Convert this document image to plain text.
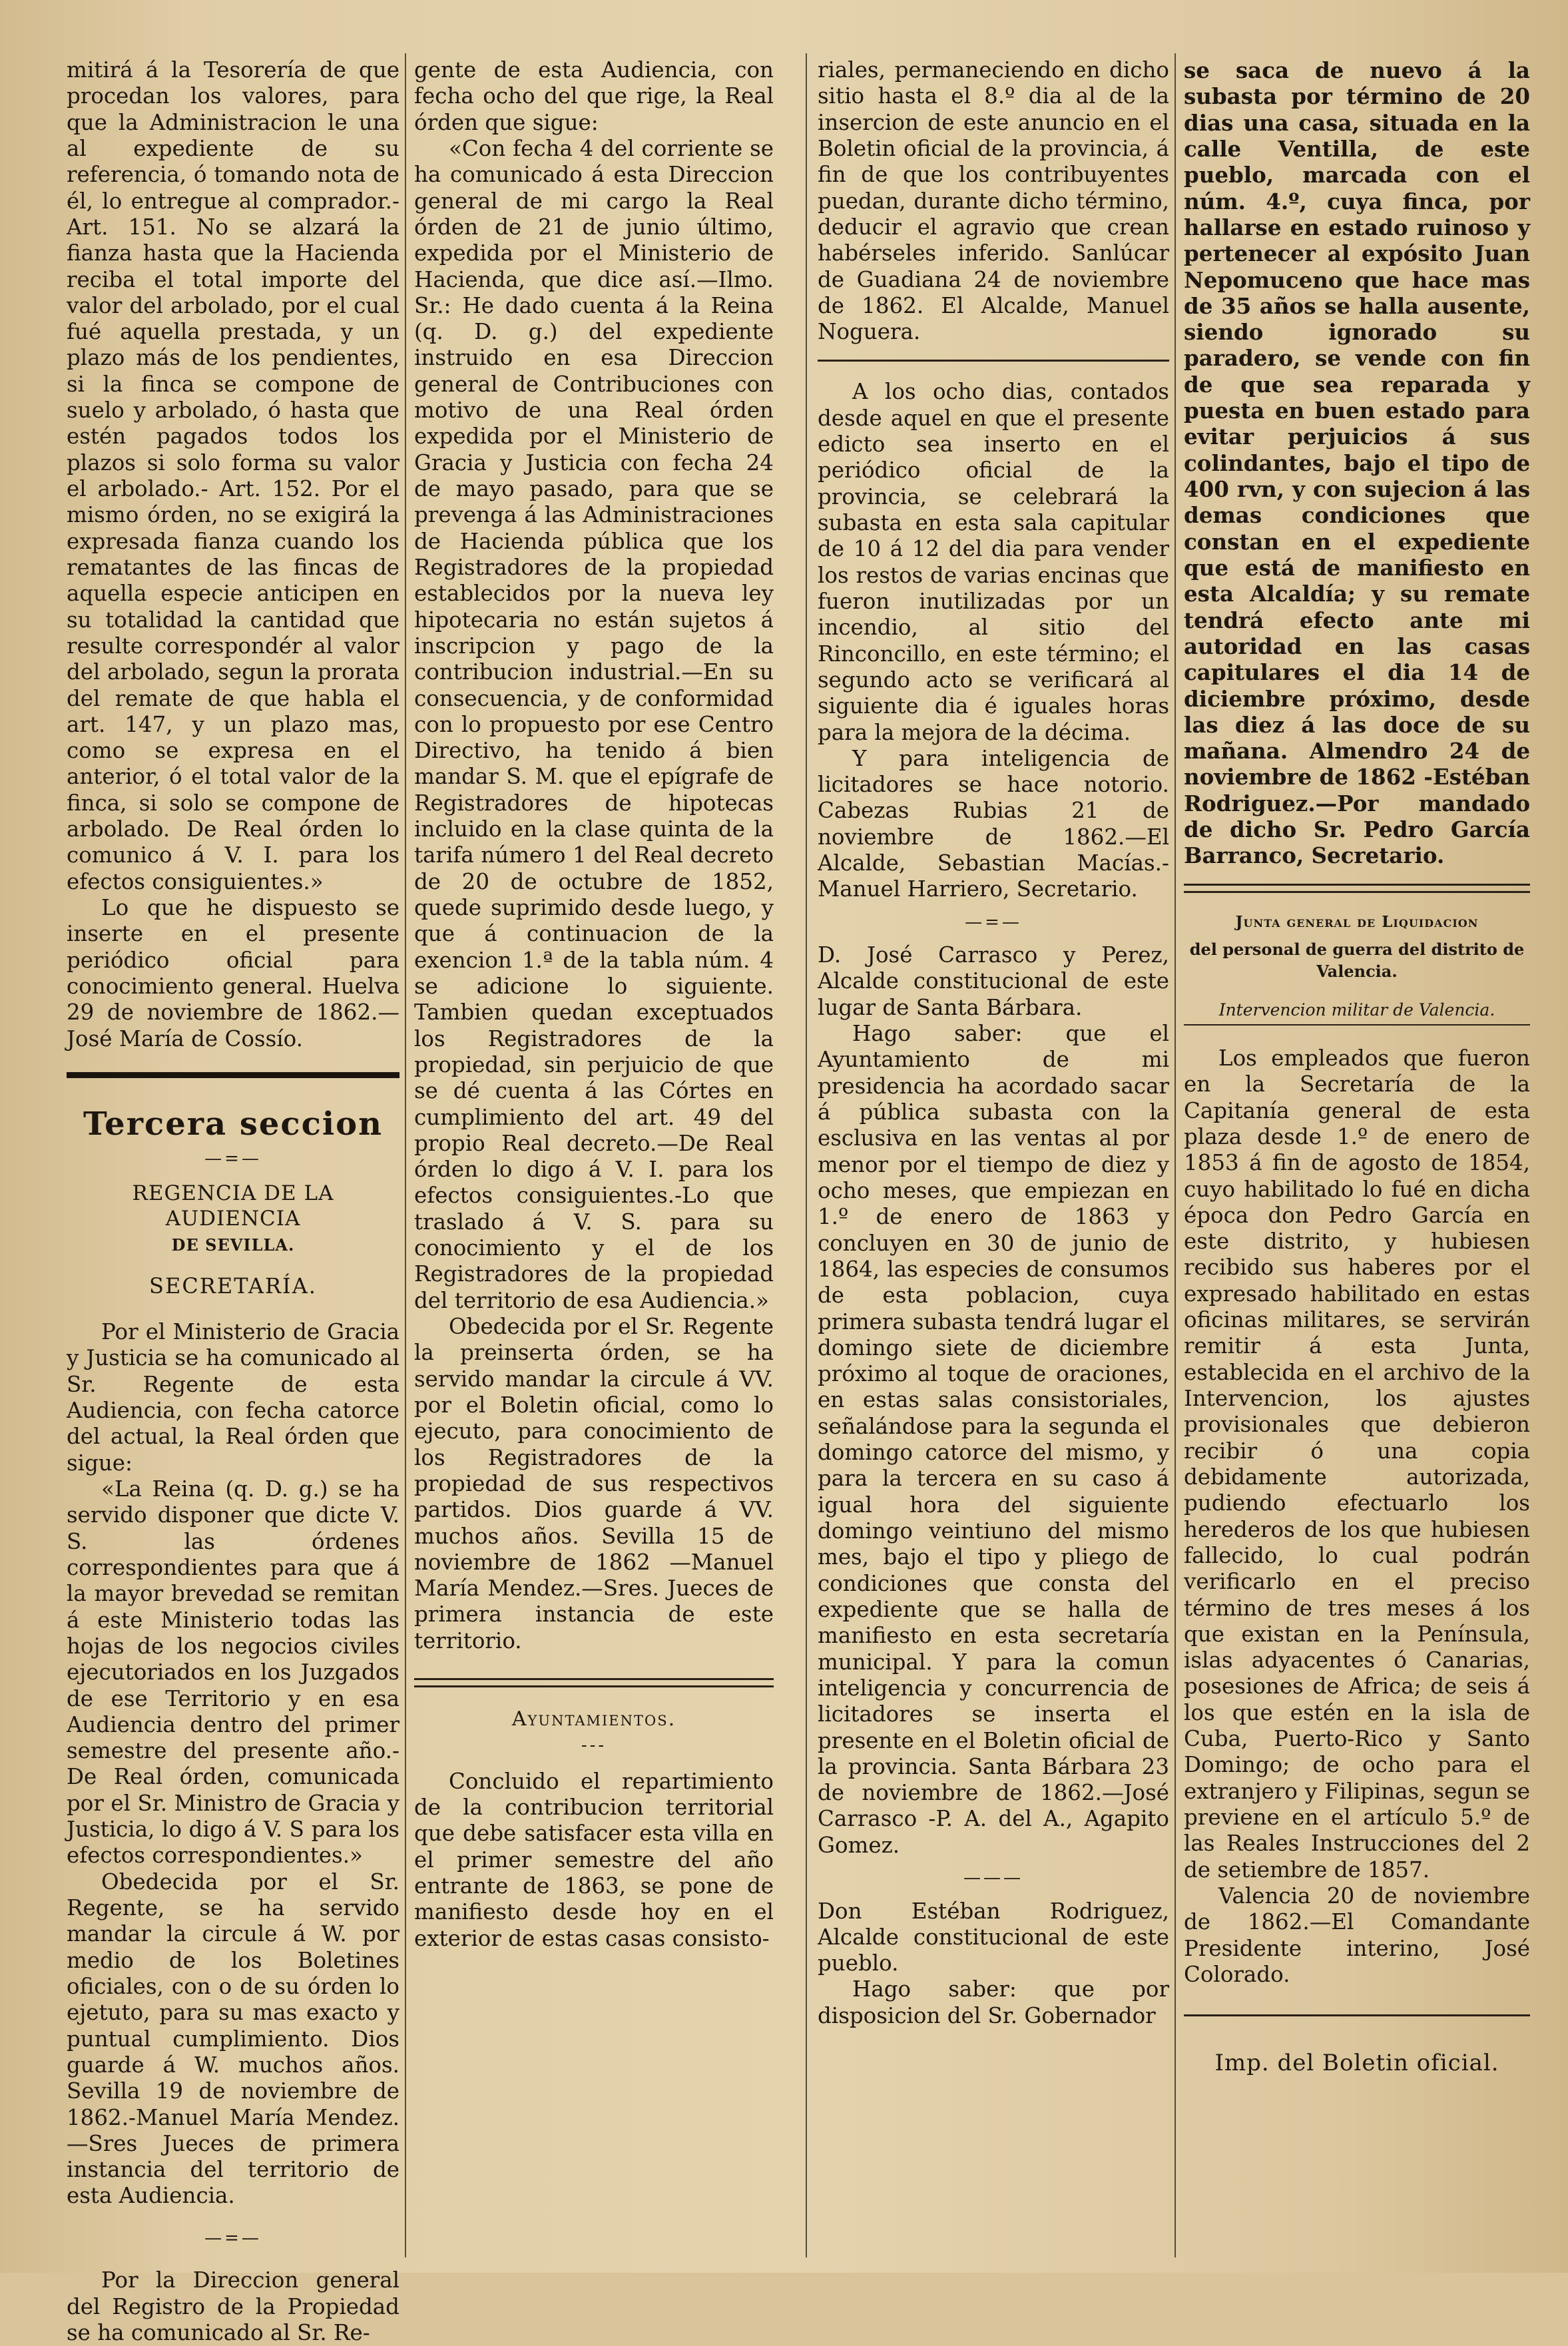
mitirá á la Tesorería de que procedan los valores, para que la Administracion le una al expediente de su referencia, ó tomando nota de él, lo entregue al comprador.-Art. 151. No se alzará la fianza hasta que la Hacienda reciba el total importe del valor del arbolado, por el cual fué aquella prestada, y un plazo más de los pendientes, si la finca se compone de suelo y arbolado, ó hasta que estén pagados todos los plazos si solo forma su valor el arbolado.- Art. 152. Por el mismo órden, no se exigirá la expresada fianza cuando los rematantes de las fincas de aquella especie anticipen en su totalidad la cantidad que resulte correspondér al valor del arbolado, segun la prorata del remate de que habla el art. 147, y un plazo mas, como se expresa en el anterior, ó el total valor de la finca, si solo se compone de arbolado. De Real órden lo comunico á V. I. para los efectos consiguientes.»

Lo que he dispuesto se inserte en el presente periódico oficial para conocimiento general. Huelva 29 de noviembre de 1862.—José María de Cossío.

Tercera seccion
—=—
REGENCIA DE LA AUDIENCIA
DE SEVILLA.
SECRETARÍA.

Por el Ministerio de Gracia y Justicia se ha comunicado al Sr. Regente de esta Audiencia, con fecha catorce del actual, la Real órden que sigue:

«La Reina (q. D. g.) se ha servido disponer que dicte V. S. las órdenes correspondientes para que á la mayor brevedad se remitan á este Ministerio todas las hojas de los negocios civiles ejecutoriados en los Juzgados de ese Territorio y en esa Audiencia dentro del primer semestre del presente año.-De Real órden, comunicada por el Sr. Ministro de Gracia y Justicia, lo digo á V. S para los efectos correspondientes.»

Obedecida por el Sr. Regente, se ha servido mandar la circule á W. por medio de los Boletines oficiales, con o de su órden lo ejetuto, para su mas exacto y puntual cumplimiento. Dios guarde á W. muchos años. Sevilla 19 de noviembre de 1862.-Manuel María Mendez.—Sres Jueces de primera instancia del territorio de esta Audiencia.

—=—

Por la Direccion general del Registro de la Propiedad se ha comunicado al Sr. Re-

gente de esta Audiencia, con fecha ocho del que rige, la Real órden que sigue:

«Con fecha 4 del corriente se ha comunicado á esta Direccion general de mi cargo la Real órden de 21 de junio último, expedida por el Ministerio de Hacienda, que dice así.—Ilmo. Sr.: He dado cuenta á la Reina (q. D. g.) del expediente instruido en esa Direccion general de Contribuciones con motivo de una Real órden expedida por el Ministerio de Gracia y Justicia con fecha 24 de mayo pasado, para que se prevenga á las Administraciones de Hacienda pública que los Registradores de la propiedad establecidos por la nueva ley hipotecaria no están sujetos á inscripcion y pago de la contribucion industrial.—En su consecuencia, y de conformidad con lo propuesto por ese Centro Directivo, ha tenido á bien mandar S. M. que el epígrafe de Registradores de hipotecas incluido en la clase quinta de la tarifa número 1 del Real decreto de 20 de octubre de 1852, quede suprimido desde luego, y que á continuacion de la exencion 1.ª de la tabla núm. 4 se adicione lo siguiente. Tambien quedan exceptuados los Registradores de la propiedad, sin perjuicio de que se dé cuenta á las Córtes en cumplimiento del art. 49 del propio Real decreto.—De Real órden lo digo á V. I. para los efectos consiguientes.-Lo que traslado á V. S. para su conocimiento y el de los Registradores de la propiedad del territorio de esa Audiencia.»

Obedecida por el Sr. Regente la preinserta órden, se ha servido mandar la circule á VV. por el Boletin oficial, como lo ejecuto, para conocimiento de los Registradores de la propiedad de sus respectivos partidos. Dios guarde á VV. muchos años. Sevilla 15 de noviembre de 1862 —Manuel María Mendez.—Sres. Jueces de primera instancia de este territorio.

Ayuntamientos.
---

Concluido el repartimiento de la contribucion territorial que debe satisfacer esta villa en el primer semestre del año entrante de 1863, se pone de manifiesto desde hoy en el exterior de estas casas consisto-

riales, permaneciendo en dicho sitio hasta el 8.º dia al de la insercion de este anuncio en el Boletin oficial de la provincia, á fin de que los contribuyentes puedan, durante dicho término, deducir el agravio que crean habérseles inferido. Sanlúcar de Guadiana 24 de noviembre de 1862. El Alcalde, Manuel Noguera.

A los ocho dias, contados desde aquel en que el presente edicto sea inserto en el periódico oficial de la provincia, se celebrará la subasta en esta sala capitular de 10 á 12 del dia para vender los restos de varias encinas que fueron inutilizadas por un incendio, al sitio del Rinconcillo, en este término; el segundo acto se verificará al siguiente dia é iguales horas para la mejora de la décima.

Y para inteligencia de licitadores se hace notorio. Cabezas Rubias 21 de noviembre de 1862.—El Alcalde, Sebastian Macías.-Manuel Harriero, Secretario.

—=—

D. José Carrasco y Perez, Alcalde constitucional de este lugar de Santa Bárbara.

Hago saber: que el Ayuntamiento de mi presidencia ha acordado sacar á pública subasta con la esclusiva en las ventas al por menor por el tiempo de diez y ocho meses, que empiezan en 1.º de enero de 1863 y concluyen en 30 de junio de 1864, las especies de consumos de esta poblacion, cuya primera subasta tendrá lugar el domingo siete de diciembre próximo al toque de oraciones, en estas salas consistoriales, señalándose para la segunda el domingo catorce del mismo, y para la tercera en su caso á igual hora del siguiente domingo veintiuno del mismo mes, bajo el tipo y pliego de condiciones que consta del expediente que se halla de manifiesto en esta secretaría municipal. Y para la comun inteligencia y concurrencia de licitadores se inserta el presente en el Boletin oficial de la provincia. Santa Bárbara 23 de noviembre de 1862.—José Carrasco -P. A. del A., Agapito Gomez.

———

Don Estéban Rodriguez, Alcalde constitucional de este pueblo.

Hago saber: que por disposicion del Sr. Gobernador

se saca de nuevo á la subasta por término de 20 dias una casa, situada en la calle Ventilla, de este pueblo, marcada con el núm. 4.º, cuya finca, por hallarse en estado ruinoso y pertenecer al expósito Juan Nepomuceno que hace mas de 35 años se halla ausente, siendo ignorado su paradero, se vende con fin de que sea reparada y puesta en buen estado para evitar perjuicios á sus colindantes, bajo el tipo de 400 rvn, y con sujecion á las demas condiciones que constan en el expediente que está de manifiesto en esta Alcaldía; y su remate tendrá efecto ante mi autoridad en las casas capitulares el dia 14 de diciembre próximo, desde las diez á las doce de su mañana. Almendro 24 de noviembre de 1862 -Estéban Rodriguez.—Por mandado de dicho Sr. Pedro García Barranco, Secretario.

Junta general de Liquidacion
del personal de guerra del distrito de Valencia.
Intervencion militar de Valencia.

Los empleados que fueron en la Secretaría de la Capitanía general de esta plaza desde 1.º de enero de 1853 á fin de agosto de 1854, cuyo habilitado lo fué en dicha época don Pedro García en este distrito, y hubiesen recibido sus haberes por el expresado habilitado en estas oficinas militares, se servirán remitir á esta Junta, establecida en el archivo de la Intervencion, los ajustes provisionales que debieron recibir ó una copia debidamente autorizada, pudiendo efectuarlo los herederos de los que hubiesen fallecido, lo cual podrán verificarlo en el preciso término de tres meses á los que existan en la Península, islas adyacentes ó Canarias, posesiones de Africa; de seis á los que estén en la isla de Cuba, Puerto-Rico y Santo Domingo; de ocho para el extranjero y Filipinas, segun se previene en el artículo 5.º de las Reales Instrucciones del 2 de setiembre de 1857.

Valencia 20 de noviembre de 1862.—El Comandante Presidente interino, José Colorado.

Imp. del Boletin oficial.
